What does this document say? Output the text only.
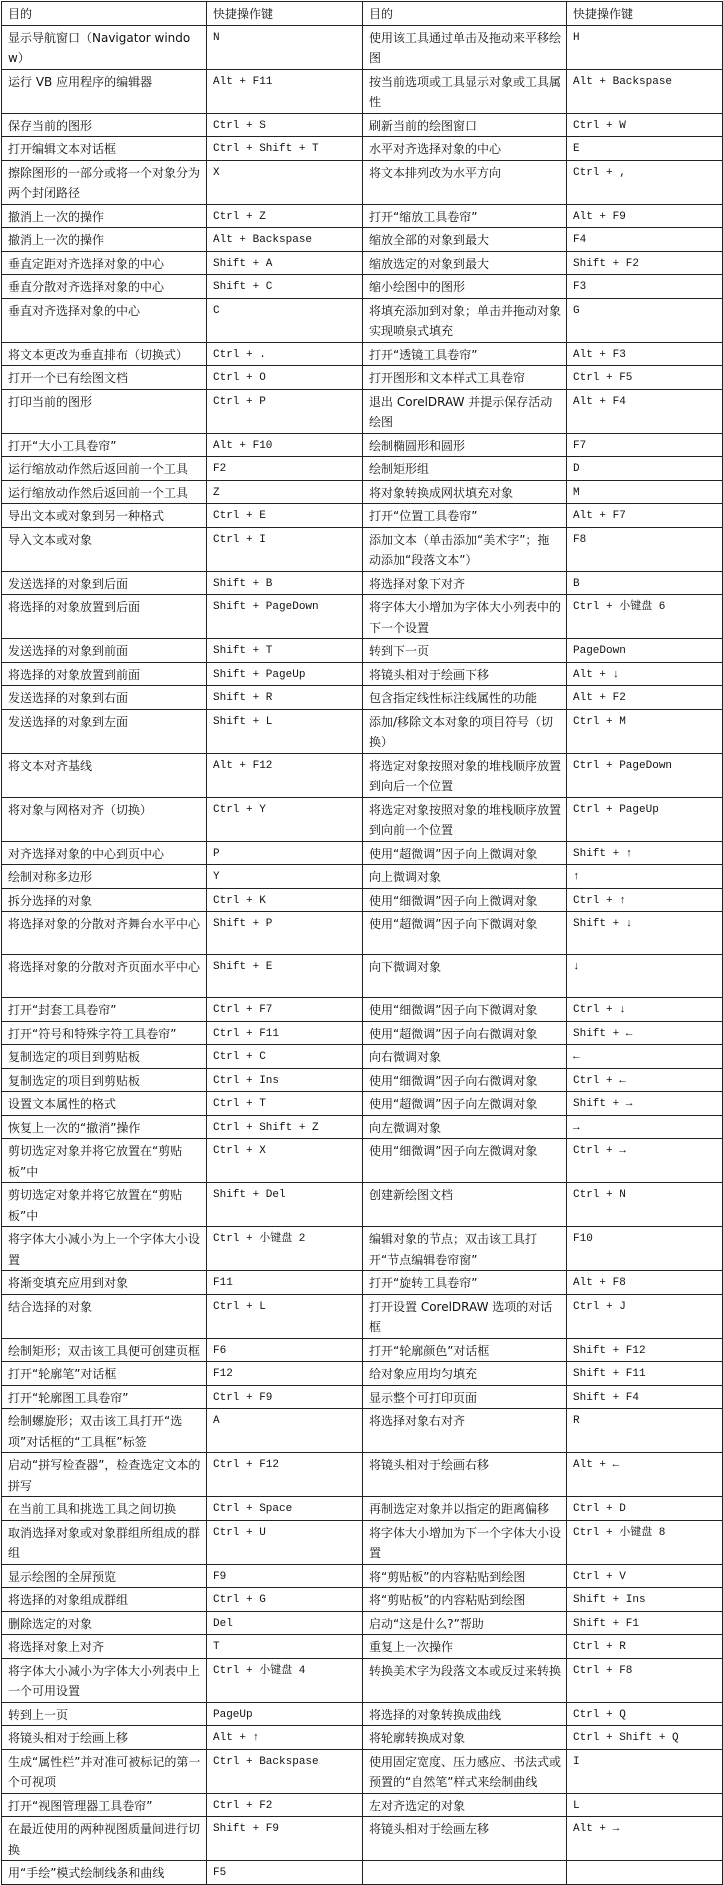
目的	快捷操作键	目的	快捷操作键
显示导航窗口（Navigator window）	N	使用该工具通过单击及拖动来平移绘图	H
运行 VB 应用程序的编辑器	Alt + F11	按当前选项或工具显示对象或工具属性	Alt + Backspase
保存当前的图形	Ctrl + S	刷新当前的绘图窗口	Ctrl + W
打开编辑文本对话框	Ctrl + Shift + T	水平对齐选择对象的中心	E
擦除图形的一部分或将一个对象分为两个封闭路径	X	将文本排列改为水平方向	Ctrl + ,
撤消上一次的操作	Ctrl + Z	打开“缩放工具卷帘”	Alt + F9
撤消上一次的操作	Alt + Backspase	缩放全部的对象到最大	F4
垂直定距对齐选择对象的中心	Shift + A	缩放选定的对象到最大	Shift + F2
垂直分散对齐选择对象的中心	Shift + C	缩小绘图中的图形	F3
垂直对齐选择对象的中心	C	将填充添加到对象；单击并拖动对象实现喷泉式填充	G
将文本更改为垂直排布（切换式）	Ctrl + .	打开“透镜工具卷帘”	Alt + F3
打开一个已有绘图文档	Ctrl + O	打开图形和文本样式工具卷帘	Ctrl + F5
打印当前的图形	Ctrl + P	退出 CorelDRAW 并提示保存活动绘图	Alt + F4
打开“大小工具卷帘”	Alt + F10	绘制椭圆形和圆形	F7
运行缩放动作然后返回前一个工具	F2	绘制矩形组	D
运行缩放动作然后返回前一个工具	Z	将对象转换成网状填充对象	M
导出文本或对象到另一种格式	Ctrl + E	打开“位置工具卷帘”	Alt + F7
导入文本或对象	Ctrl + I	添加文本（单击添加“美术字”；拖动添加“段落文本”）	F8
发送选择的对象到后面	Shift + B	将选择对象下对齐	B
将选择的对象放置到后面	Shift + PageDown	将字体大小增加为字体大小列表中的下一个设置	Ctrl + 小键盘 6
发送选择的对象到前面	Shift + T	转到下一页	PageDown
将选择的对象放置到前面	Shift + PageUp	将镜头相对于绘画下移	Alt + ↓
发送选择的对象到右面	Shift + R	包含指定线性标注线属性的功能	Alt + F2
发送选择的对象到左面	Shift + L	添加/移除文本对象的项目符号（切换）	Ctrl + M
将文本对齐基线	Alt + F12	将选定对象按照对象的堆栈顺序放置到向后一个位置	Ctrl + PageDown
将对象与网格对齐（切换）	Ctrl + Y	将选定对象按照对象的堆栈顺序放置到向前一个位置	Ctrl + PageUp
对齐选择对象的中心到页中心	P	使用“超微调”因子向上微调对象	Shift + ↑
绘制对称多边形	Y	向上微调对象	↑
拆分选择的对象	Ctrl + K	使用“细微调”因子向上微调对象	Ctrl + ↑
将选择对象的分散对齐舞台水平中心	Shift + P	使用“超微调”因子向下微调对象	Shift + ↓
将选择对象的分散对齐页面水平中心	Shift + E	向下微调对象	↓
打开“封套工具卷帘”	Ctrl + F7	使用“细微调”因子向下微调对象	Ctrl + ↓
打开“符号和特殊字符工具卷帘”	Ctrl + F11	使用“超微调”因子向右微调对象	Shift + ←
复制选定的项目到剪贴板	Ctrl + C	向右微调对象	←
复制选定的项目到剪贴板	Ctrl + Ins	使用“细微调”因子向右微调对象	Ctrl + ←
设置文本属性的格式	Ctrl + T	使用“超微调”因子向左微调对象	Shift + →
恢复上一次的“撤消”操作	Ctrl + Shift + Z	向左微调对象	→
剪切选定对象并将它放置在“剪贴板”中	Ctrl + X	使用“细微调”因子向左微调对象	Ctrl + →
剪切选定对象并将它放置在“剪贴板”中	Shift + Del	创建新绘图文档	Ctrl + N
将字体大小减小为上一个字体大小设置	Ctrl + 小键盘 2	编辑对象的节点；双击该工具打开“节点编辑卷帘窗”	F10
将渐变填充应用到对象	F11	打开“旋转工具卷帘”	Alt + F8
结合选择的对象	Ctrl + L	打开设置 CorelDRAW 选项的对话框	Ctrl + J
绘制矩形；双击该工具便可创建页框	F6	打开“轮廓颜色”对话框	Shift + F12
打开“轮廓笔”对话框	F12	给对象应用均匀填充	Shift + F11
打开“轮廓图工具卷帘”	Ctrl + F9	显示整个可打印页面	Shift + F4
绘制螺旋形；双击该工具打开“选项”对话框的“工具框”标签	A	将选择对象右对齐	R
启动“拼写检查器”，检查选定文本的拼写	Ctrl + F12	将镜头相对于绘画右移	Alt + ←
在当前工具和挑选工具之间切换	Ctrl + Space	再制选定对象并以指定的距离偏移	Ctrl + D
取消选择对象或对象群组所组成的群组	Ctrl + U	将字体大小增加为下一个字体大小设置	Ctrl + 小键盘 8
显示绘图的全屏预览	F9	将“剪贴板”的内容粘贴到绘图	Ctrl + V
将选择的对象组成群组	Ctrl + G	将“剪贴板”的内容粘贴到绘图	Shift + Ins
删除选定的对象	Del	启动“这是什么?”帮助	Shift + F1
将选择对象上对齐	T	重复上一次操作	Ctrl + R
将字体大小减小为字体大小列表中上一个可用设置	Ctrl + 小键盘 4	转换美术字为段落文本或反过来转换	Ctrl + F8
转到上一页	PageUp	将选择的对象转换成曲线	Ctrl + Q
将镜头相对于绘画上移	Alt + ↑	将轮廓转换成对象	Ctrl + Shift + Q
生成“属性栏”并对准可被标记的第一个可视项	Ctrl + Backspase	使用固定宽度、压力感应、书法式或预置的“自然笔”样式来绘制曲线	I
打开“视图管理器工具卷帘”	Ctrl + F2	左对齐选定的对象	L
在最近使用的两种视图质量间进行切换	Shift + F9	将镜头相对于绘画左移	Alt + →
用“手绘”模式绘制线条和曲线	F5		
